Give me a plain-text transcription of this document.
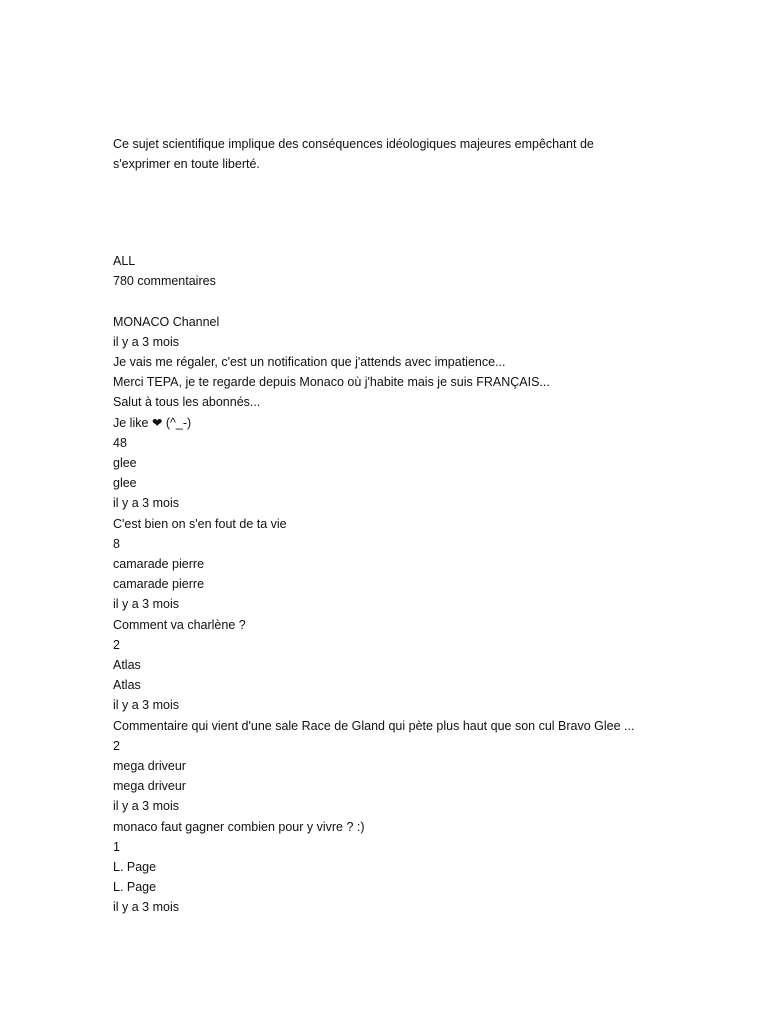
Ce sujet scientifique implique des conséquences idéologiques majeures empêchant de
s'exprimer en toute liberté.

ALL
780 commentaires
MONACO Channel
il y a 3 mois
Je vais me régaler, c'est un notification que j'attends avec impatience...
Merci TEPA, je te regarde depuis Monaco où j'habite mais je suis FRANÇAIS...
Salut à tous les abonnés...
Je like ❤ (^_-)
48
glee
glee
il y a 3 mois
C'est bien on s'en fout de ta vie
8
camarade pierre
camarade pierre
il y a 3 mois
Comment va charlène ?
2
Atlas
Atlas
il y a 3 mois
Commentaire qui vient d'une sale Race de Gland qui pète plus haut que son cul Bravo Glee ...
2
mega driveur
mega driveur
il y a 3 mois
monaco faut gagner combien pour y vivre ? :)
1
L. Page
L. Page
il y a 3 mois
